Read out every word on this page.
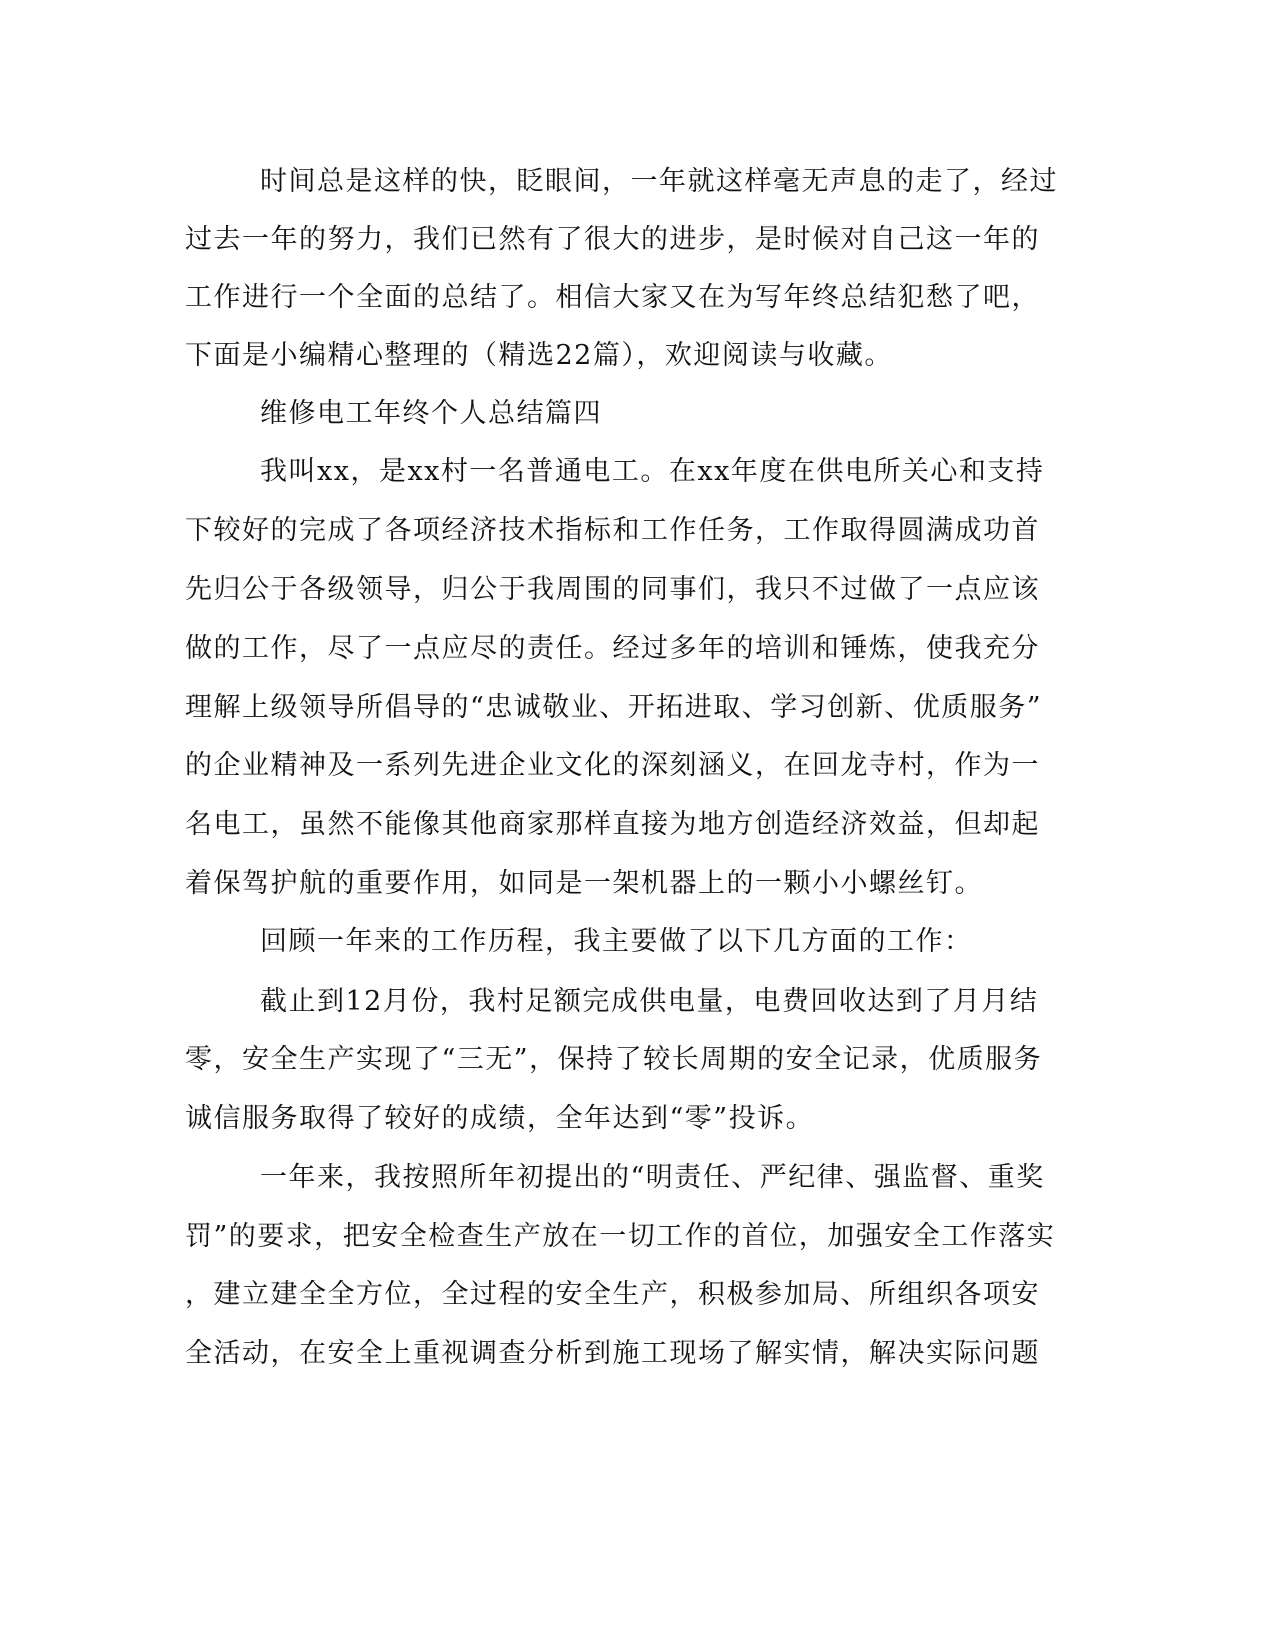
时间总是这样的快，眨眼间，一年就这样毫无声息的走了，经过

过去一年的努力，我们已然有了很大的进步，是时候对自己这一年的

工作进行一个全面的总结了。相信大家又在为写年终总结犯愁了吧，

下面是小编精心整理的（精选22篇），欢迎阅读与收藏。

维修电工年终个人总结篇四

我叫xx，是xx村一名普通电工。在xx年度在供电所关心和支持

下较好的完成了各项经济技术指标和工作任务，工作取得圆满成功首

先归公于各级领导，归公于我周围的同事们，我只不过做了一点应该

做的工作，尽了一点应尽的责任。经过多年的培训和锤炼，使我充分

理解上级领导所倡导的“忠诚敬业、开拓进取、学习创新、优质服务”

的企业精神及一系列先进企业文化的深刻涵义，在回龙寺村，作为一

名电工，虽然不能像其他商家那样直接为地方创造经济效益，但却起

着保驾护航的重要作用，如同是一架机器上的一颗小小螺丝钉。

回顾一年来的工作历程，我主要做了以下几方面的工作：

截止到12月份，我村足额完成供电量，电费回收达到了月月结

零，安全生产实现了“三无”，保持了较长周期的安全记录，优质服务

诚信服务取得了较好的成绩，全年达到“零”投诉。

一年来，我按照所年初提出的“明责任、严纪律、强监督、重奖

罚”的要求，把安全检查生产放在一切工作的首位，加强安全工作落实

，建立建全全方位，全过程的安全生产，积极参加局、所组织各项安

全活动，在安全上重视调查分析到施工现场了解实情，解决实际问题
